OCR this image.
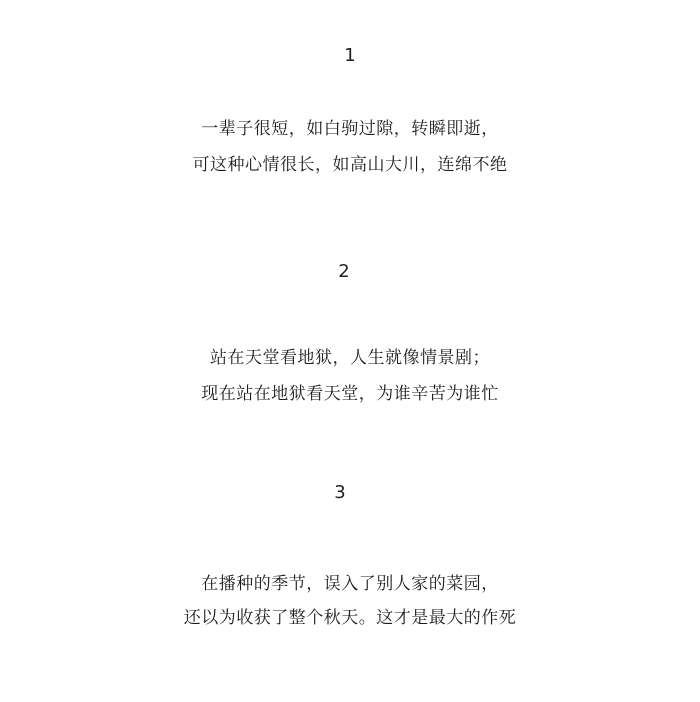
1
一辈子很短，如白驹过隙，转瞬即逝，
可这种心情很长，如高山大川，连绵不绝
2
站在天堂看地狱，人生就像情景剧；
现在站在地狱看天堂，为谁辛苦为谁忙
3
在播种的季节，误入了别人家的菜园，
还以为收获了整个秋天。这才是最大的作死
